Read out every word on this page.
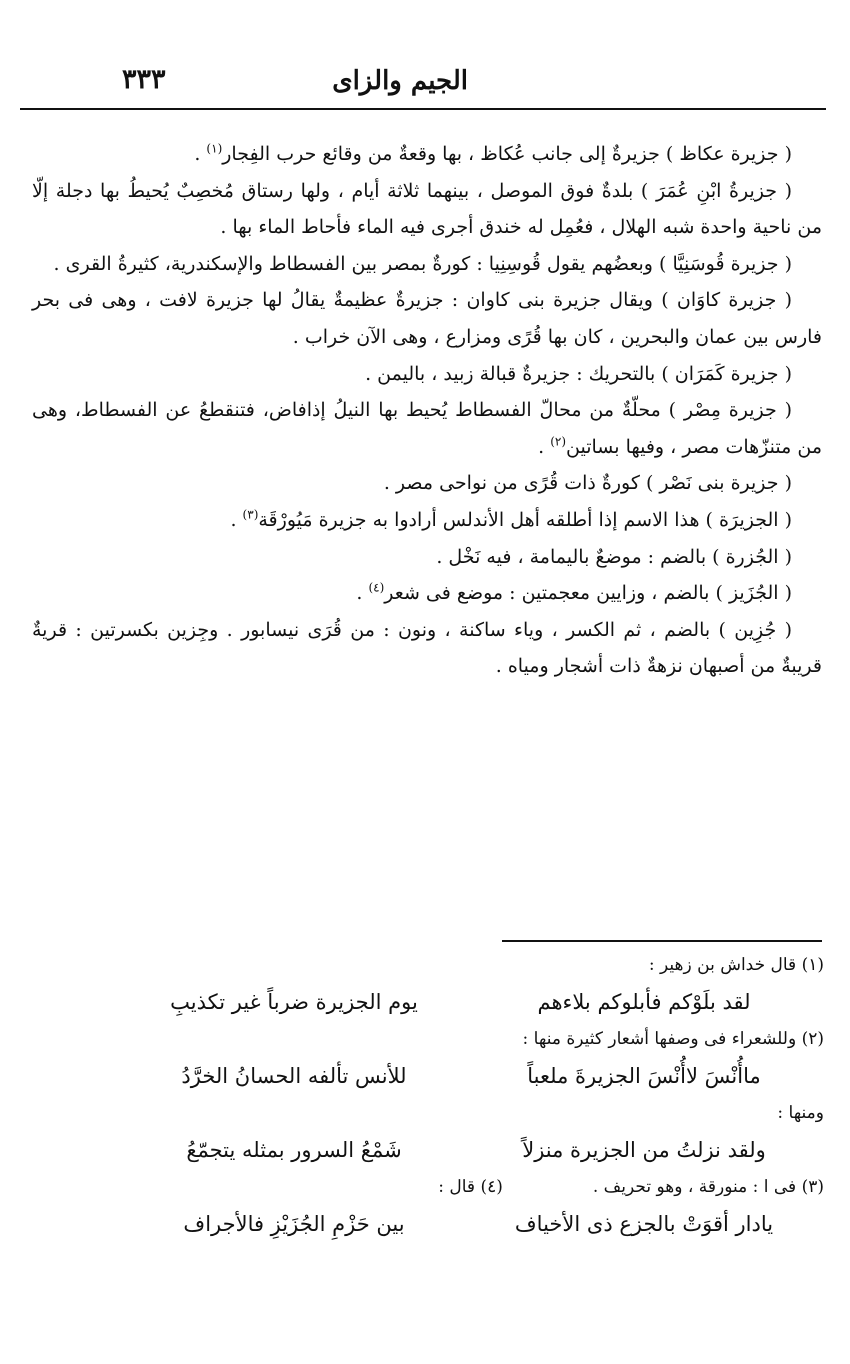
الجيم والزاى
٣٣٣

( جزيرة عكاظ ) جزيرةٌ إلى جانب عُكاظ ، بها وقعةٌ من وقائع حرب الفِجار$^{(١)}$ .

( جزيرةُ ابْنِ عُمَرَ ) بلدةٌ فوق الموصل ، بينهما ثلاثة أيام ، ولها رستاق مُخصِبٌ يُحيطُ بها دجلة إلّا من ناحية واحدة شبه الهلال ، فعُمِل له خندق أجرى فيه الماء فأحاط الماء بها .

( جزيرة قُوسَنِيَّا ) وبعضُهم يقول قُوسِنِيا : كورةٌ بمصر بين الفسطاط والإسكندرية، كثيرةُ القرى .

( جزيرة كاوَان ) ويقال جزيرة بنى كاوان : جزيرةٌ عظيمةٌ يقالُ لها جزيرة لافت ، وهى فى بحر فارس بين عمان والبحرين ، كان بها قُرًى ومزارع ، وهى الآن خراب .

( جزيرة كَمَرَان ) بالتحريك : جزيرةٌ قبالة زبيد ، باليمن .

( جزيرة مِصْر ) محلّةٌ من محالّ الفسطاط يُحيط بها النيلُ إذافاض، فتنقطعُ عن الفسطاط، وهى من متنزّهات مصر ، وفيها بساتين$^{(٢)}$ .

( جزيرة بنى نَصْر ) كورةٌ ذات قُرًى من نواحى مصر .

( الجزيرَة ) هذا الاسم إذا أطلقه أهل الأندلس أرادوا به جزيرة مَيُورْقَة$^{(٣)}$ .

( الجُزرة ) بالضم : موضعٌ باليمامة ، فيه نَخْل .

( الجُزَيز ) بالضم ، وزايين معجمتين : موضع فى شعر$^{(٤)}$ .

( جُزِين ) بالضم ، ثم الكسر ، وياء ساكنة ، ونون : من قُرَى نيسابور . وجِزين بكسرتين : قريةٌ قريبةٌ من أصبهان نزهةٌ ذات أشجار ومياه .

(١) قال خداش بن زهير :

لقد بلَوْكم فأبلوكم بلاءهم
يوم الجزيرة ضرباً غير تكذيبِ

(٢) وللشعراء فى وصفها أشعار كثيرة منها :

ماأُنْسَ لاأُنْسَ الجزيرةَ ملعباً
للأنس تألفه الحسانُ الخرَّدُ

ومنها :

ولقد نزلتُ من الجزيرة منزلاً
شَمْعُ السرور بمثله يتجمّعُ

(٣) فى ا : منورقة ، وهو تحريف .(٤) قال :

يادار أقوَتْ بالجزع ذى الأخياف
بين حَزْمِ الجُزَيْزِ فالأجراف
